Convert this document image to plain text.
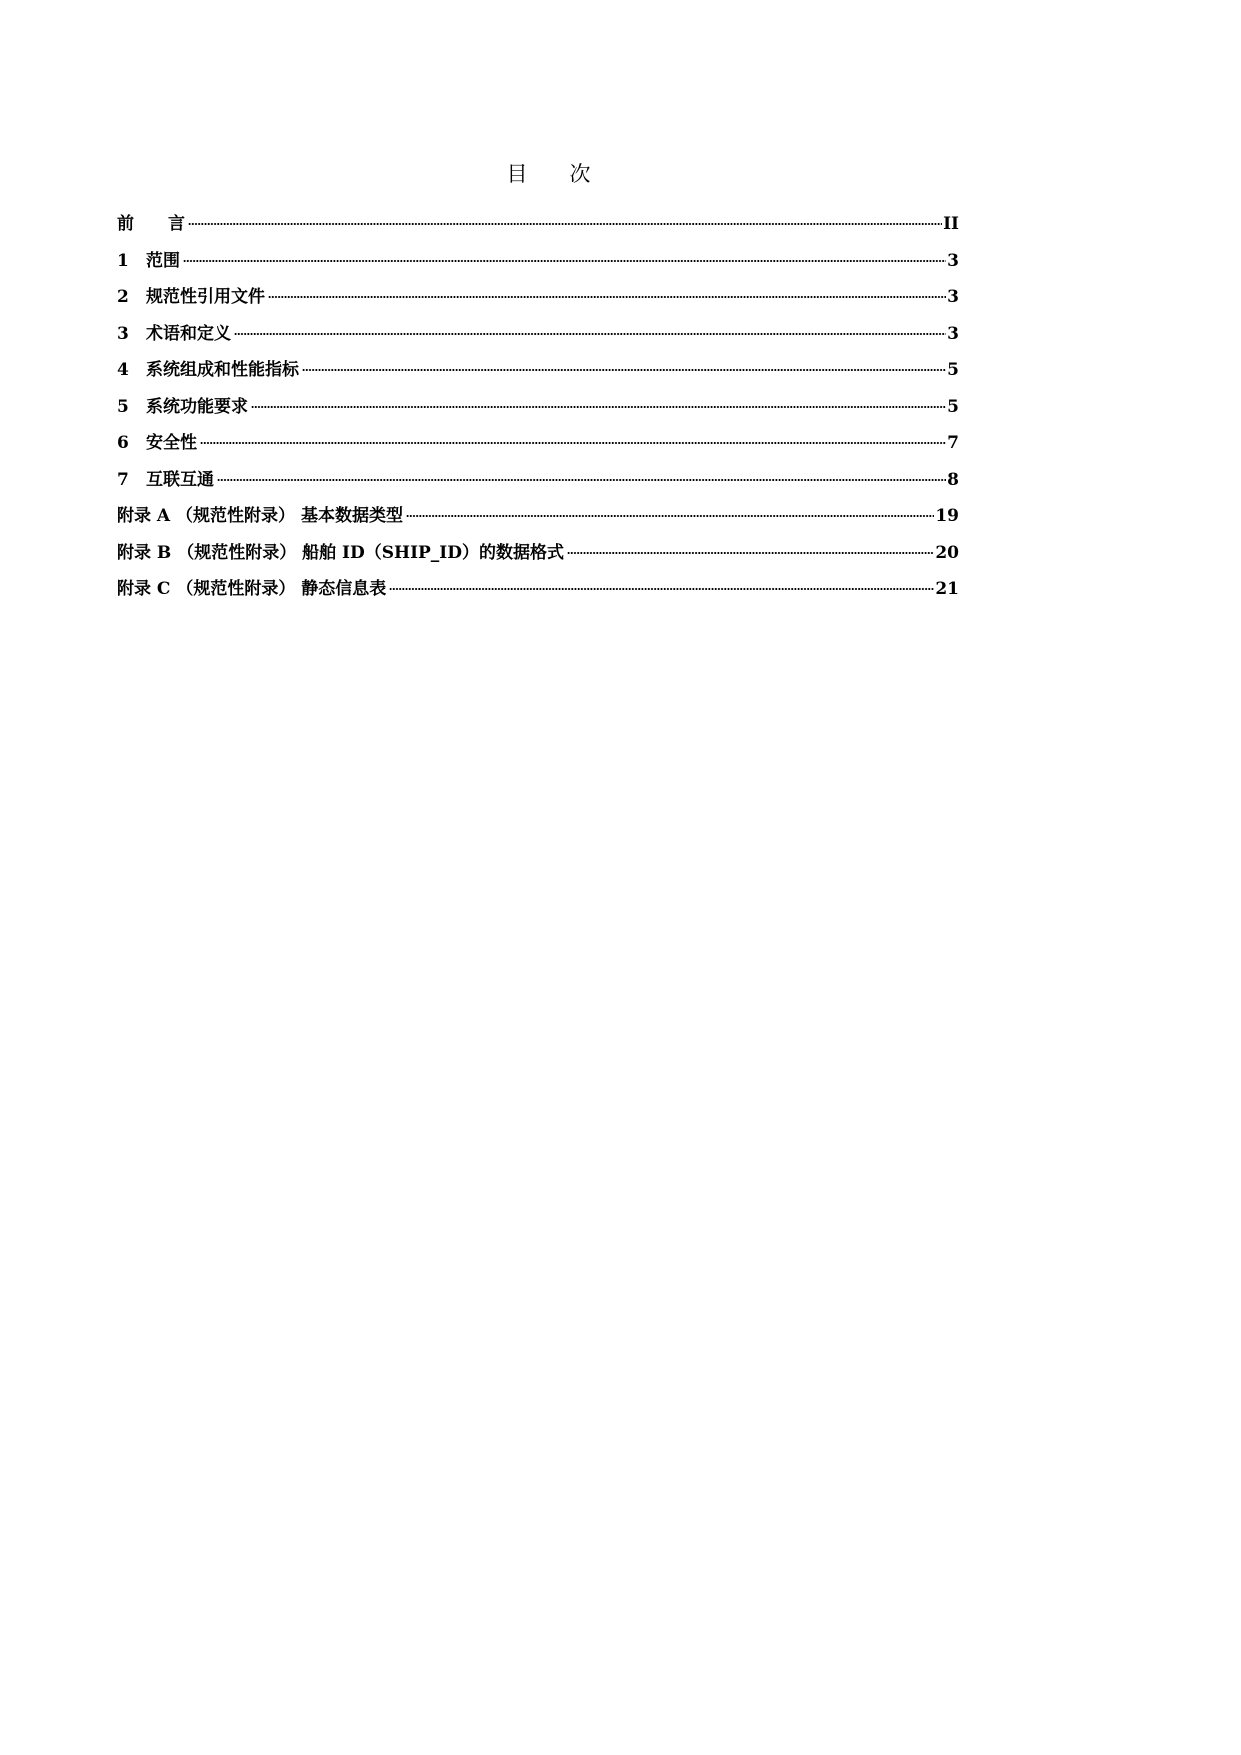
目　　次
前　　言	II
1	范围	3
2	规范性引用文件	3
3	术语和定义	3
4	系统组成和性能指标	5
5	系统功能要求	5
6	安全性	7
7	互联互通	8
附录 A （规范性附录） 基本数据类型	19
附录 B （规范性附录） 船舶 ID（SHIP_ID）的数据格式	20
附录 C （规范性附录） 静态信息表	21
